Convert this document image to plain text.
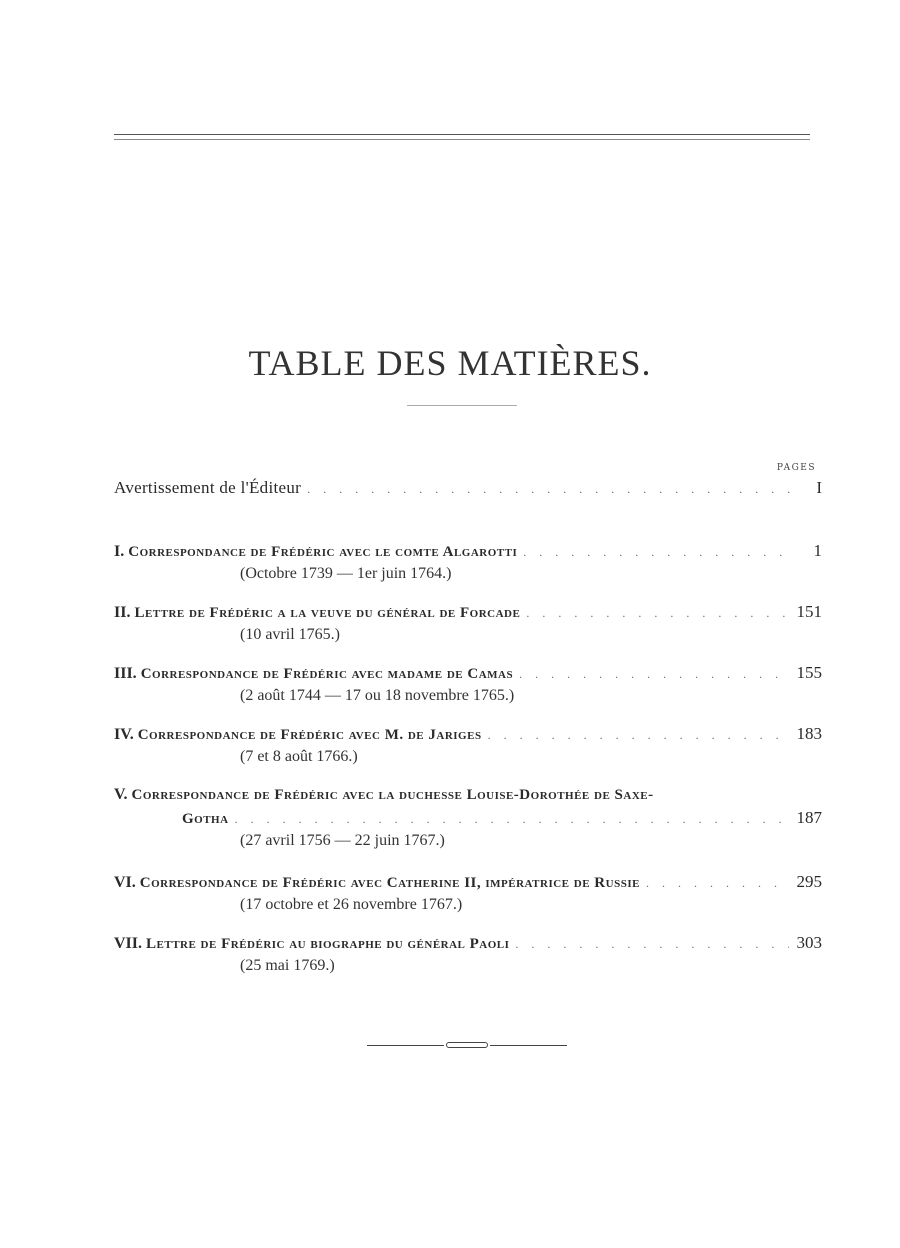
TABLE DES MATIÈRES.
PAGES
Avertissement de l'Éditeur . . .	I
I. Correspondance de Frédéric avec le comte Algarotti . . .	1
(Octobre 1739 — 1er juin 1764.)
II. Lettre de Frédéric a la veuve du général de Forcade . . .	151
(10 avril 1765.)
III. Correspondance de Frédéric avec madame de Camas . . .	155
(2 août 1744 — 17 ou 18 novembre 1765.)
IV. Correspondance de Frédéric avec M. de Jariges . . .	183
(7 et 8 août 1766.)
V. Correspondance de Frédéric avec la duchesse Louise-Dorothée de Saxe-
Gotha . . .	187
(27 avril 1756 — 22 juin 1767.)
VI. Correspondance de Frédéric avec Catherine II, impératrice de Russie . . .	295
(17 octobre et 26 novembre 1767.)
VII. Lettre de Frédéric au biographe du général Paoli . . .	303
(25 mai 1769.)
